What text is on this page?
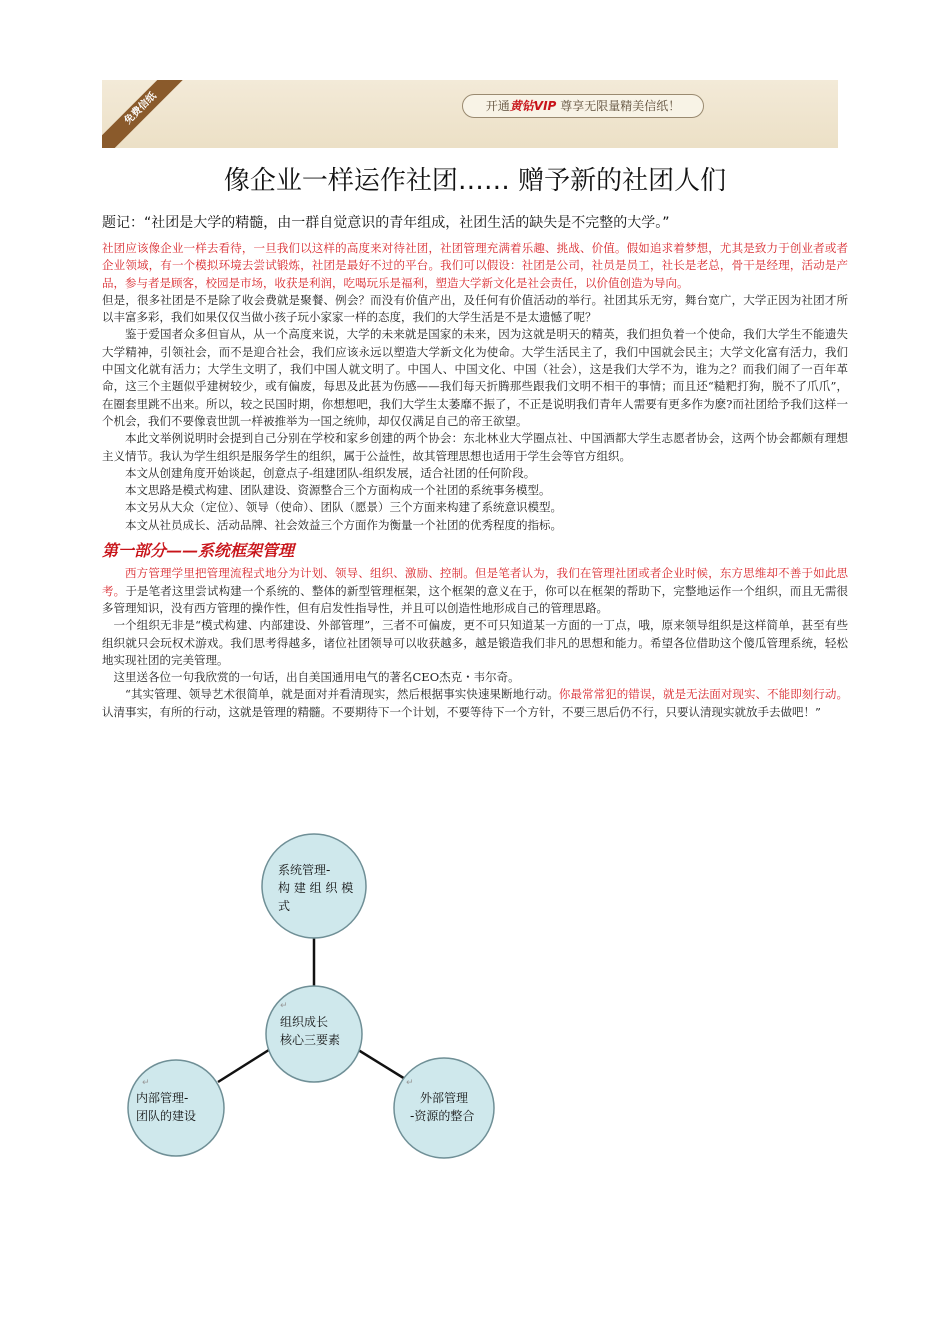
免费信纸	开通黄钻VIP 尊享无限量精美信纸！
像企业一样运作社团…… 赠予新的社团人们
题记：“社团是大学的精髓，由一群自觉意识的青年组成，社团生活的缺失是不完整的大学。”

社团应该像企业一样去看待，一旦我们以这样的高度来对待社团，社团管理充满着乐趣、挑战、价值。假如追求着梦想，尤其是致力于创业者或者企业领域，有一个模拟环境去尝试锻炼，社团是最好不过的平台。我们可以假设：社团是公司，社员是员工，社长是老总，骨干是经理，活动是产品，参与者是顾客，校园是市场，收获是利润，吃喝玩乐是福利，塑造大学新文化是社会责任，以价值创造为导向。

但是，很多社团是不是除了收会费就是聚餐、例会？而没有价值产出，及任何有价值活动的举行。社团其乐无穷，舞台宽广，大学正因为社团才所以丰富多彩，我们如果仅仅当做小孩子玩小家家一样的态度，我们的大学生活是不是太遗憾了呢？

鉴于爱国者众多但盲从，从一个高度来说，大学的未来就是国家的未来，因为这就是明天的精英，我们担负着一个使命，我们大学生不能遗失大学精神，引领社会，而不是迎合社会，我们应该永远以塑造大学新文化为使命。大学生活民主了，我们中国就会民主；大学文化富有活力，我们中国文化就有活力；大学生文明了，我们中国人就文明了。中国人、中国文化、中国（社会），这是我们大学不为，谁为之？而我们闹了一百年革命，这三个主题似乎建树较少，或有偏废，每思及此甚为伤感——我们每天折腾那些跟我们文明不相干的事情；而且还“糙粑打狗，脱不了爪爪”，在圈套里跳不出来。所以，较之民国时期，你想想吧，我们大学生太萎靡不振了，不正是说明我们青年人需要有更多作为麽?而社团给予我们这样一个机会，我们不要像袁世凯一样被推举为一国之统帅，却仅仅满足自己的帝王欲望。

本此文举例说明时会提到自己分别在学校和家乡创建的两个协会：东北林业大学圈点社、中国酒都大学生志愿者协会，这两个协会都颇有理想主义情节。我认为学生组织是服务学生的组织，属于公益性，故其管理思想也适用于学生会等官方组织。

本文从创建角度开始谈起，创意点子-组建团队-组织发展，适合社团的任何阶段。

本文思路是模式构建、团队建设、资源整合三个方面构成一个社团的系统事务模型。

本文另从大众（定位）、领导（使命）、团队（愿景）三个方面来构建了系统意识模型。

本文从社员成长、活动品牌、社会效益三个方面作为衡量一个社团的优秀程度的指标。

第一部分——系统框架管理

西方管理学里把管理流程式地分为计划、领导、组织、激励、控制。但是笔者认为，我们在管理社团或者企业时候，东方思维却不善于如此思考。于是笔者这里尝试构建一个系统的、整体的新型管理框架，这个框架的意义在于，你可以在框架的帮助下，完整地运作一个组织，而且无需很多管理知识，没有西方管理的操作性，但有启发性指导性，并且可以创造性地形成自己的管理思路。

一个组织无非是“模式构建、内部建设、外部管理”，三者不可偏废，更不可只知道某一方面的一丁点，哦，原来领导组织是这样简单，甚至有些组织就只会玩权术游戏。我们思考得越多，诸位社团领导可以收获越多，越是锻造我们非凡的思想和能力。希望各位借助这个傻瓜管理系统，轻松地实现社团的完美管理。

这里送各位一句我欣赏的一句话，出自美国通用电气的著名CEO杰克・韦尔奇。

“其实管理、领导艺术很简单，就是面对并看清现实，然后根据事实快速果断地行动。你最常常犯的错误，就是无法面对现实、不能即刻行动。认清事实，有所的行动，这就是管理的精髓。不要期待下一个计划，不要等待下一个方针，不要三思后仍不行，只要认清现实就放手去做吧！”

系统管理-
构 建 组 织 模
式
↵
组织成长
核心三要素
↵
内部管理-
团队的建设
↵
外部管理
-资源的整合
